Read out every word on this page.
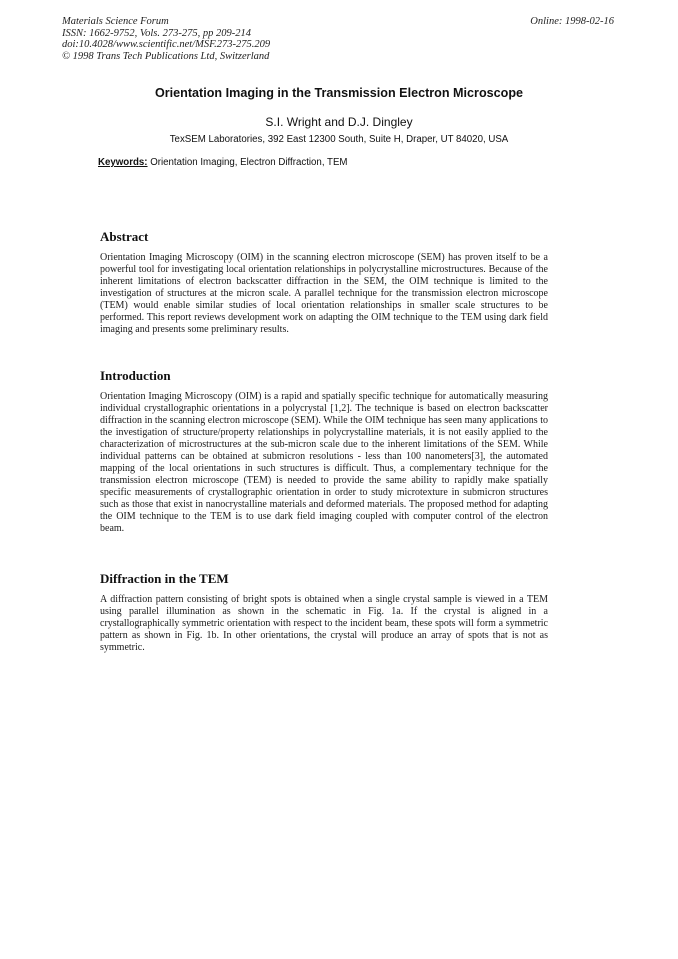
Materials Science Forum
ISSN: 1662-9752, Vols. 273-275, pp 209-214
doi:10.4028/www.scientific.net/MSF.273-275.209
© 1998 Trans Tech Publications Ltd, Switzerland
Online: 1998-02-16
Orientation Imaging in the Transmission Electron Microscope
S.I. Wright and D.J. Dingley
TexSEM Laboratories, 392 East 12300 South, Suite H, Draper, UT 84020, USA
Keywords: Orientation Imaging, Electron Diffraction, TEM
Abstract

Orientation Imaging Microscopy (OIM) in the scanning electron microscope (SEM) has proven itself to be a powerful tool for investigating local orientation relationships in polycrystalline microstructures. Because of the inherent limitations of electron backscatter diffraction in the SEM, the OIM technique is limited to the investigation of structures at the micron scale. A parallel technique for the transmission electron microscope (TEM) would enable similar studies of local orientation relationships in smaller scale structures to be performed. This report reviews development work on adapting the OIM technique to the TEM using dark field imaging and presents some preliminary results.

Introduction

Orientation Imaging Microscopy (OIM) is a rapid and spatially specific technique for automatically measuring individual crystallographic orientations in a polycrystal [1,2]. The technique is based on electron backscatter diffraction in the scanning electron microscope (SEM). While the OIM technique has seen many applications to the investigation of structure/property relationships in polycrystalline materials, it is not easily applied to the characterization of microstructures at the sub-micron scale due to the inherent limitations of the SEM. While individual patterns can be obtained at submicron resolutions - less than 100 nanometers[3], the automated mapping of the local orientations in such structures is difficult. Thus, a complementary technique for the transmission electron microscope (TEM) is needed to provide the same ability to rapidly make spatially specific measurements of crystallographic orientation in order to study microtexture in submicron structures such as those that exist in nanocrystalline materials and deformed materials. The proposed method for adapting the OIM technique to the TEM is to use dark field imaging coupled with computer control of the electron beam.

Diffraction in the TEM

A diffraction pattern consisting of bright spots is obtained when a single crystal sample is viewed in a TEM using parallel illumination as shown in the schematic in Fig. 1a. If the crystal is aligned in a crystallographically symmetric orientation with respect to the incident beam, these spots will form a symmetric pattern as shown in Fig. 1b. In other orientations, the crystal will produce an array of spots that is not as symmetric.
